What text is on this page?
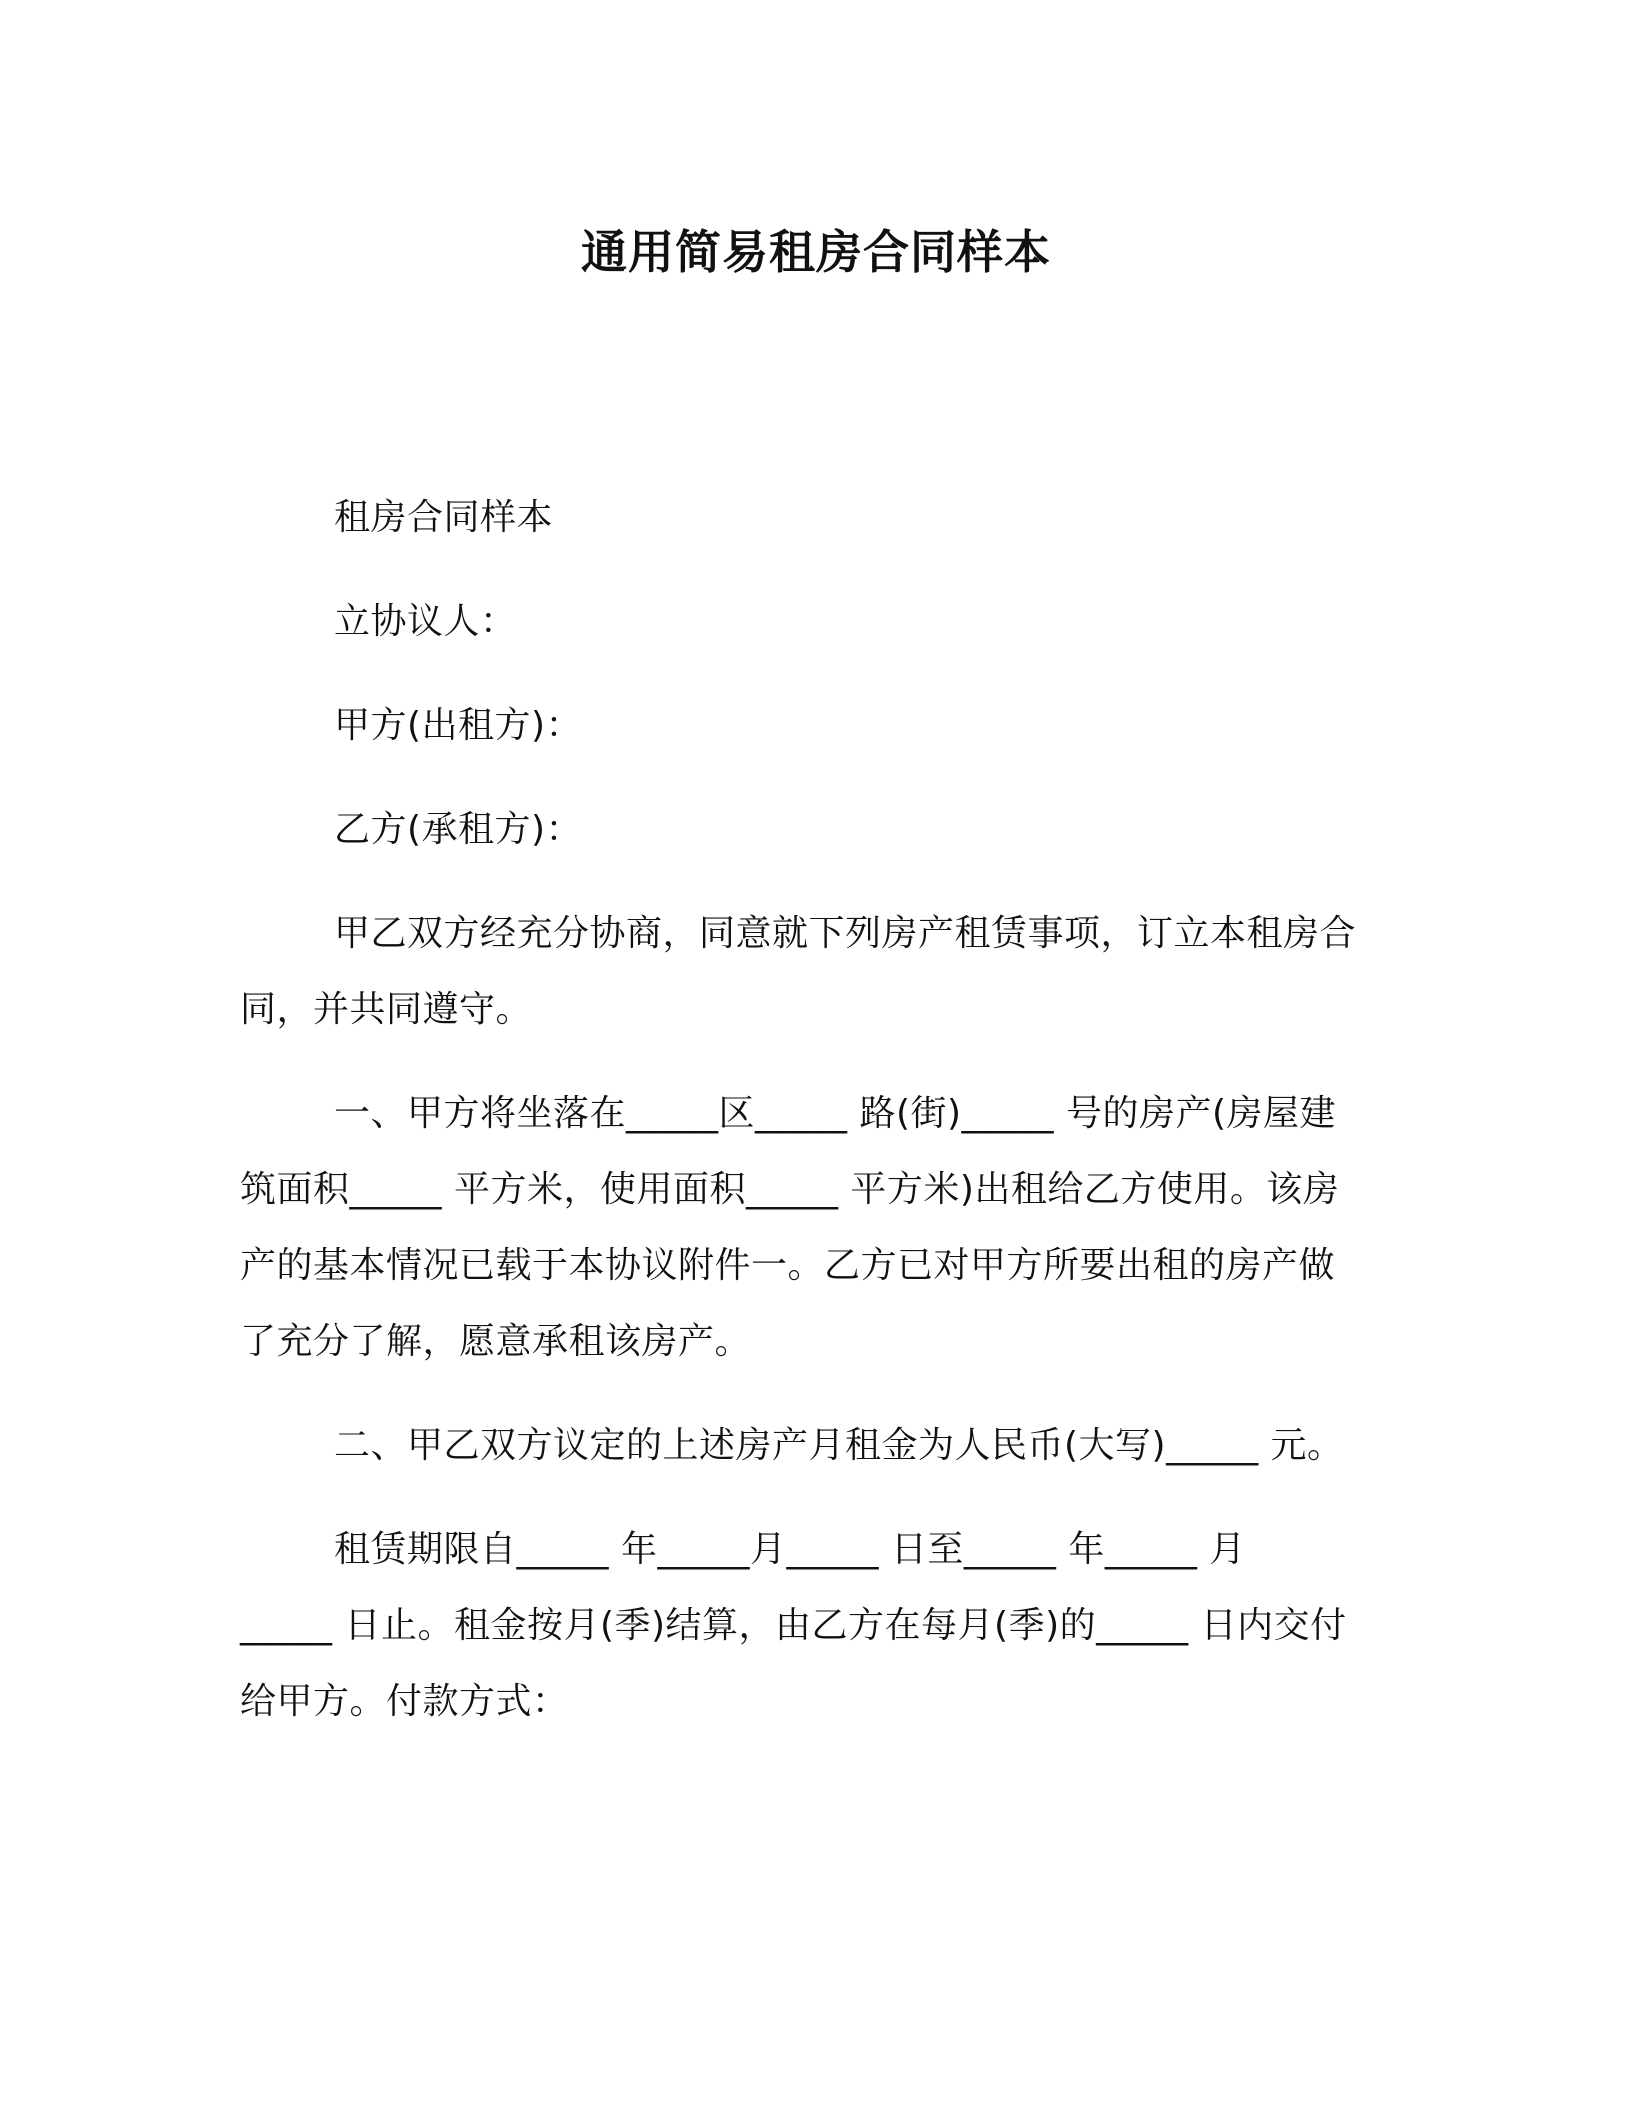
通用简易租房合同样本
租房合同样本
立协议人：
甲方(出租方)：
乙方(承租方)：
甲乙双方经充分协商，同意就下列房产租赁事项，订立本租房合
同，并共同遵守。
一、甲方将坐落在_____区_____ 路(街)_____ 号的房产(房屋建
筑面积_____ 平方米，使用面积_____ 平方米)出租给乙方使用。该房
产的基本情况已载于本协议附件一。乙方已对甲方所要出租的房产做
了充分了解，愿意承租该房产。
二、甲乙双方议定的上述房产月租金为人民币(大写)_____ 元。
租赁期限自_____ 年_____月_____ 日至_____ 年_____ 月
_____ 日止。租金按月(季)结算，由乙方在每月(季)的_____ 日内交付
给甲方。付款方式：
